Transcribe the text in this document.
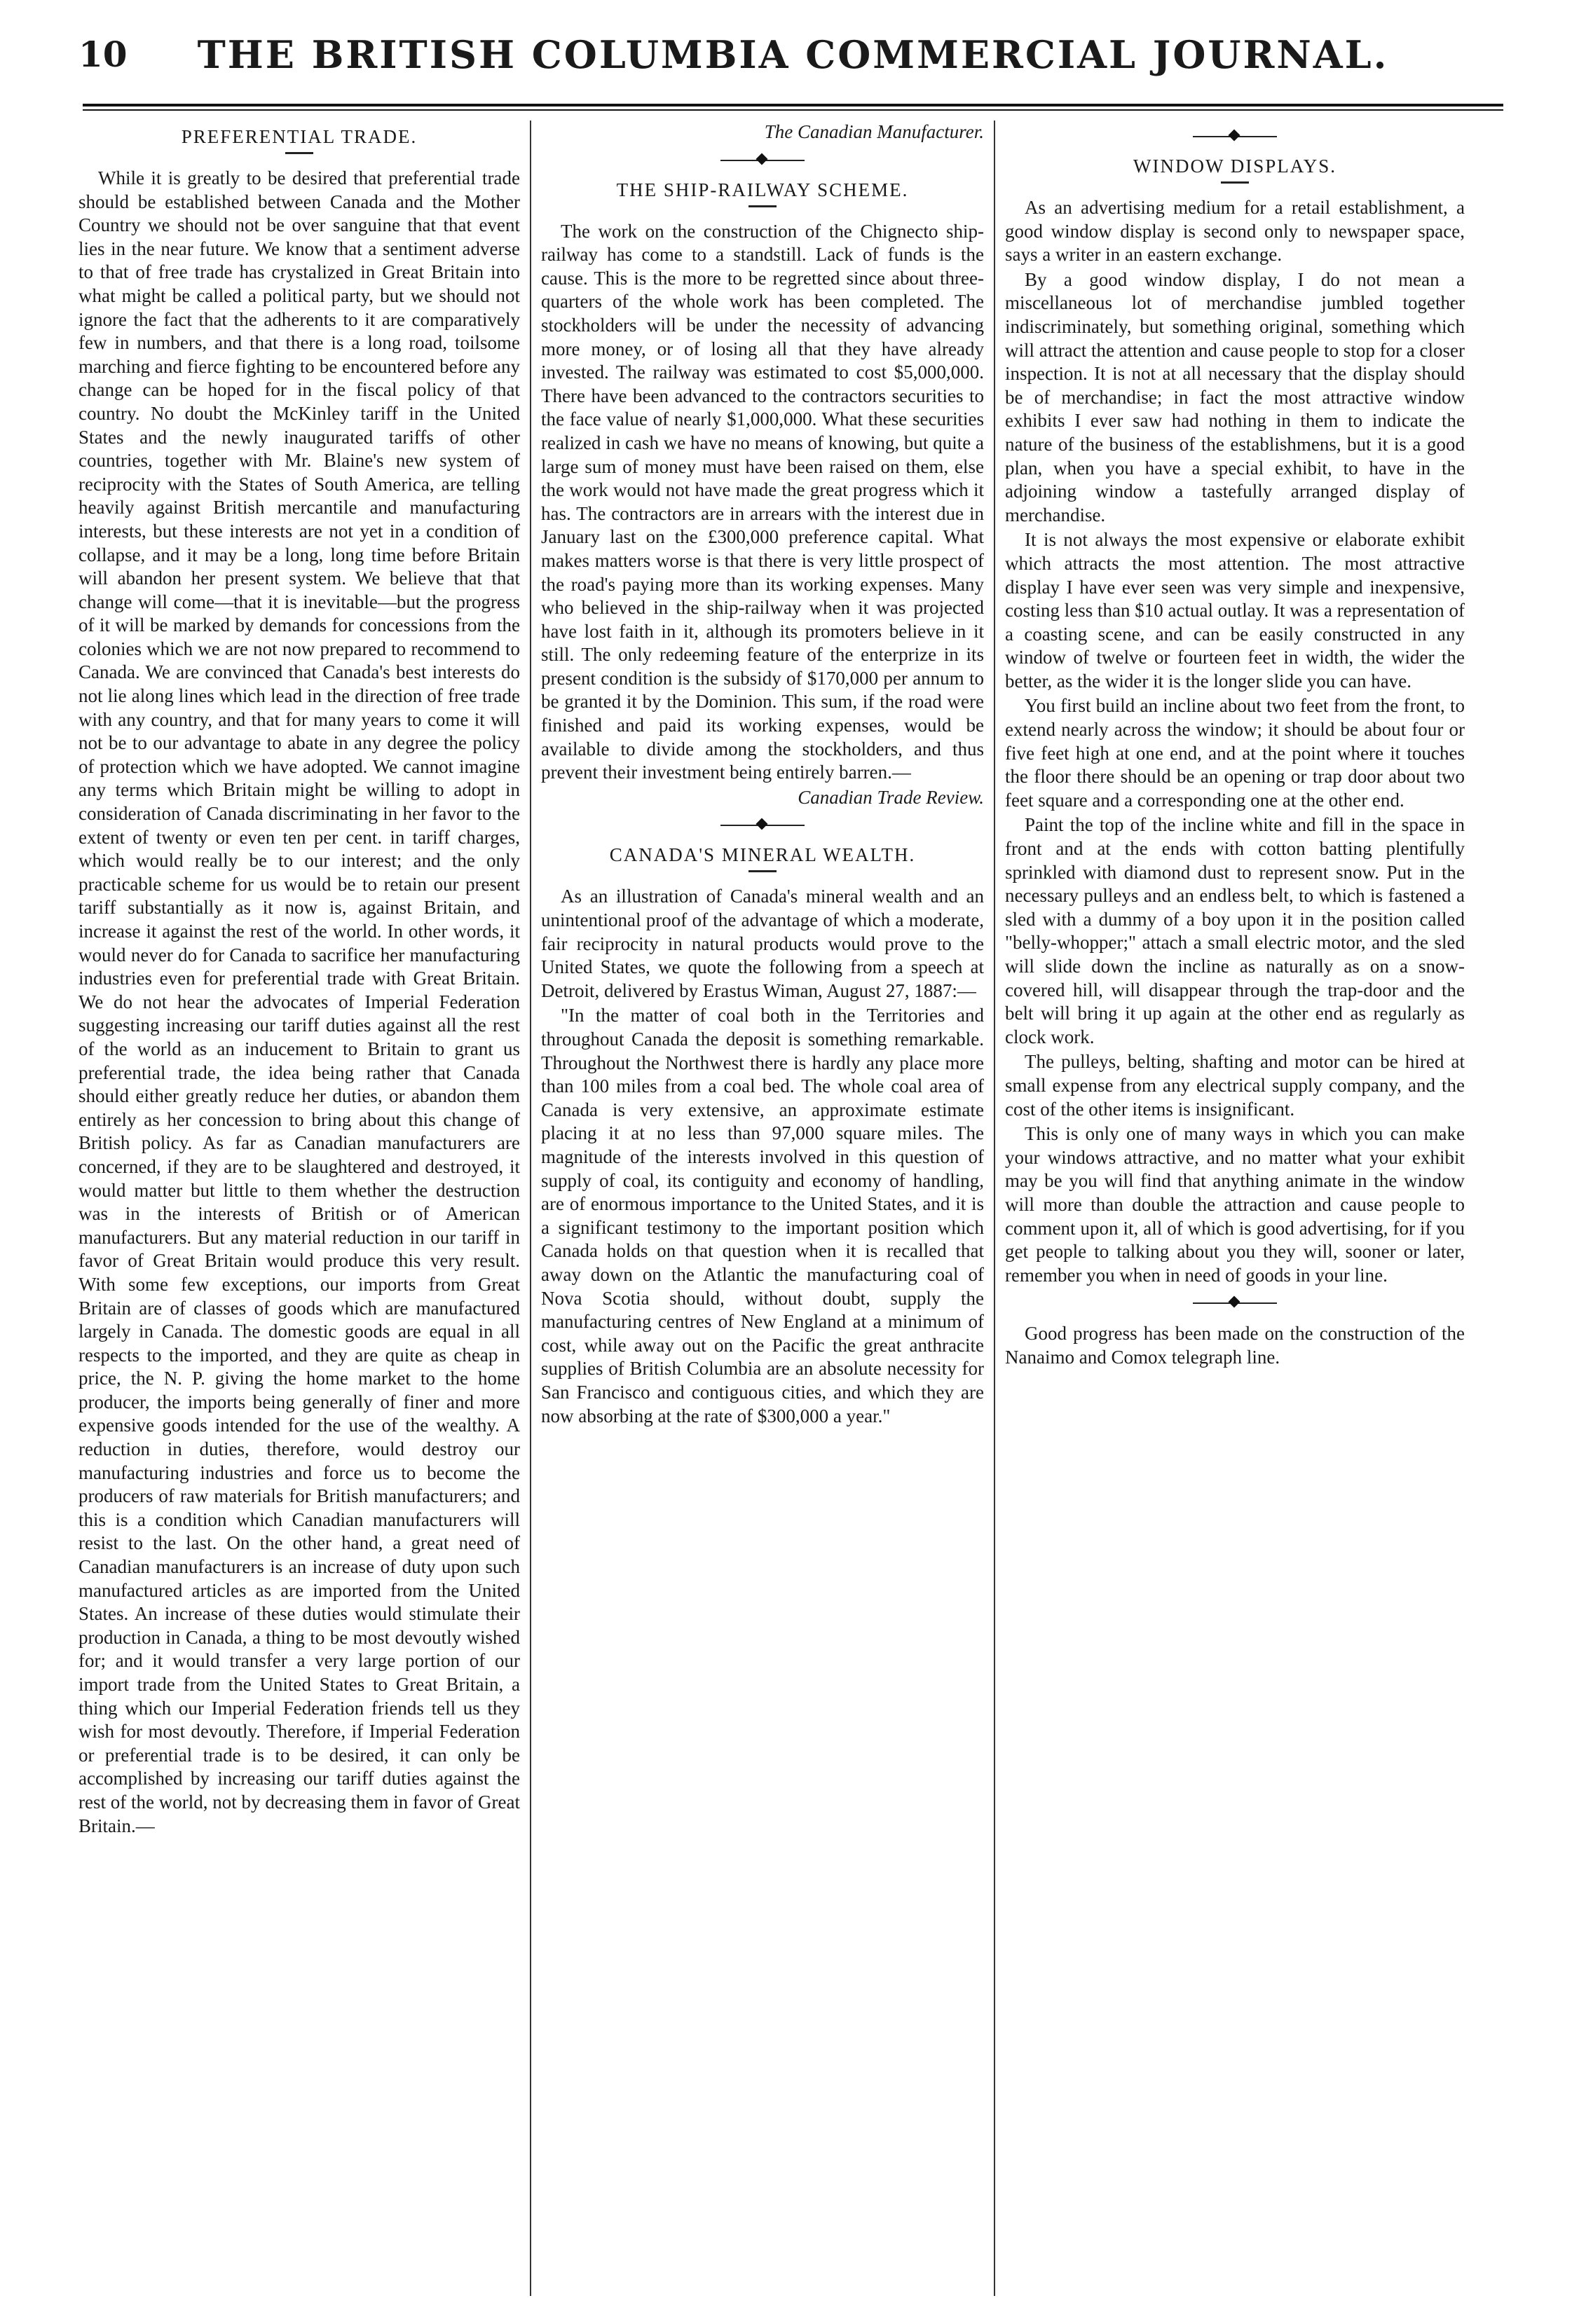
10	THE BRITISH COLUMBIA COMMERCIAL JOURNAL.
PREFERENTIAL TRADE.

While it is greatly to be desired that preferential trade should be established between Canada and the Mother Country we should not be over sanguine that that event lies in the near future. We know that a sentiment adverse to that of free trade has crystalized in Great Britain into what might be called a political party, but we should not ignore the fact that the adherents to it are comparatively few in numbers, and that there is a long road, toilsome marching and fierce fighting to be encountered before any change can be hoped for in the fiscal policy of that country. No doubt the McKinley tariff in the United States and the newly inaugurated tariffs of other countries, together with Mr. Blaine's new system of reciprocity with the States of South America, are telling heavily against British mercantile and manufacturing interests, but these interests are not yet in a condition of collapse, and it may be a long, long time before Britain will abandon her present system. We believe that that change will come—that it is inevitable—but the progress of it will be marked by demands for concessions from the colonies which we are not now prepared to recommend to Canada. We are convinced that Canada's best interests do not lie along lines which lead in the direction of free trade with any country, and that for many years to come it will not be to our advantage to abate in any degree the policy of protection which we have adopted. We cannot imagine any terms which Britain might be willing to adopt in consideration of Canada discriminating in her favor to the extent of twenty or even ten per cent. in tariff charges, which would really be to our interest; and the only practicable scheme for us would be to retain our present tariff substantially as it now is, against Britain, and increase it against the rest of the world. In other words, it would never do for Canada to sacrifice her manufacturing industries even for preferential trade with Great Britain. We do not hear the advocates of Imperial Federation suggesting increasing our tariff duties against all the rest of the world as an inducement to Britain to grant us preferential trade, the idea being rather that Canada should either greatly reduce her duties, or abandon them entirely as her concession to bring about this change of British policy. As far as Canadian manufacturers are concerned, if they are to be slaughtered and destroyed, it would matter but little to them whether the destruction was in the interests of British or of American manufacturers. But any material reduction in our tariff in favor of Great Britain would produce this very result. With some few exceptions, our imports from Great Britain are of classes of goods which are manufactured largely in Canada. The domestic goods are equal in all respects to the imported, and they are quite as cheap in price, the N. P. giving the home market to the home producer, the imports being generally of finer and more expensive goods intended for the use of the wealthy. A reduction in duties, therefore, would destroy our manufacturing industries and force us to become the producers of raw materials for British manufacturers; and this is a condition which Canadian manufacturers will resist to the last. On the other hand, a great need of Canadian manufacturers is an increase of duty upon such manufactured articles as are imported from the United States. An increase of these duties would stimulate their production in Canada, a thing to be most devoutly wished for; and it would transfer a very large portion of our import trade from the United States to Great Britain, a thing which our Imperial Federation friends tell us they wish for most devoutly. Therefore, if Imperial Federation or preferential trade is to be desired, it can only be accomplished by increasing our tariff duties against the rest of the world, not by decreasing them in favor of Great Britain.—

The Canadian Manufacturer.

THE SHIP-RAILWAY SCHEME.

The work on the construction of the Chignecto ship-railway has come to a standstill. Lack of funds is the cause. This is the more to be regretted since about three-quarters of the whole work has been completed. The stockholders will be under the necessity of advancing more money, or of losing all that they have already invested. The railway was estimated to cost $5,000,000. There have been advanced to the contractors securities to the face value of nearly $1,000,000. What these securities realized in cash we have no means of knowing, but quite a large sum of money must have been raised on them, else the work would not have made the great progress which it has. The contractors are in arrears with the interest due in January last on the £300,000 preference capital. What makes matters worse is that there is very little prospect of the road's paying more than its working expenses. Many who believed in the ship-railway when it was projected have lost faith in it, although its promoters believe in it still. The only redeeming feature of the enterprize in its present condition is the subsidy of $170,000 per annum to be granted it by the Dominion. This sum, if the road were finished and paid its working expenses, would be available to divide among the stockholders, and thus prevent their investment being entirely barren.—

Canadian Trade Review.

CANADA'S MINERAL WEALTH.

As an illustration of Canada's mineral wealth and an unintentional proof of the advantage of which a moderate, fair reciprocity in natural products would prove to the United States, we quote the following from a speech at Detroit, delivered by Erastus Wiman, August 27, 1887:—

"In the matter of coal both in the Territories and throughout Canada the deposit is something remarkable. Throughout the Northwest there is hardly any place more than 100 miles from a coal bed. The whole coal area of Canada is very extensive, an approximate estimate placing it at no less than 97,000 square miles. The magnitude of the interests involved in this question of supply of coal, its contiguity and economy of handling, are of enormous importance to the United States, and it is a significant testimony to the important position which Canada holds on that question when it is recalled that away down on the Atlantic the manufacturing coal of Nova Scotia should, without doubt, supply the manufacturing centres of New England at a minimum of cost, while away out on the Pacific the great anthracite supplies of British Columbia are an absolute necessity for San Francisco and contiguous cities, and which they are now absorbing at the rate of $300,000 a year."

WINDOW DISPLAYS.

As an advertising medium for a retail establishment, a good window display is second only to newspaper space, says a writer in an eastern exchange.

By a good window display, I do not mean a miscellaneous lot of merchandise jumbled together indiscriminately, but something original, something which will attract the attention and cause people to stop for a closer inspection. It is not at all necessary that the display should be of merchandise; in fact the most attractive window exhibits I ever saw had nothing in them to indicate the nature of the business of the establishmens, but it is a good plan, when you have a special exhibit, to have in the adjoining window a tastefully arranged display of merchandise.

It is not always the most expensive or elaborate exhibit which attracts the most attention. The most attractive display I have ever seen was very simple and inexpensive, costing less than $10 actual outlay. It was a representation of a coasting scene, and can be easily constructed in any window of twelve or fourteen feet in width, the wider the better, as the wider it is the longer slide you can have.

You first build an incline about two feet from the front, to extend nearly across the window; it should be about four or five feet high at one end, and at the point where it touches the floor there should be an opening or trap door about two feet square and a corresponding one at the other end.

Paint the top of the incline white and fill in the space in front and at the ends with cotton batting plentifully sprinkled with diamond dust to represent snow. Put in the necessary pulleys and an endless belt, to which is fastened a sled with a dummy of a boy upon it in the position called "belly-whopper;" attach a small electric motor, and the sled will slide down the incline as naturally as on a snow-covered hill, will disappear through the trap-door and the belt will bring it up again at the other end as regularly as clock work.

The pulleys, belting, shafting and motor can be hired at small expense from any electrical supply company, and the cost of the other items is insignificant.

This is only one of many ways in which you can make your windows attractive, and no matter what your exhibit may be you will find that anything animate in the window will more than double the attraction and cause people to comment upon it, all of which is good advertising, for if you get people to talking about you they will, sooner or later, remember you when in need of goods in your line.

Good progress has been made on the construction of the Nanaimo and Comox telegraph line.
